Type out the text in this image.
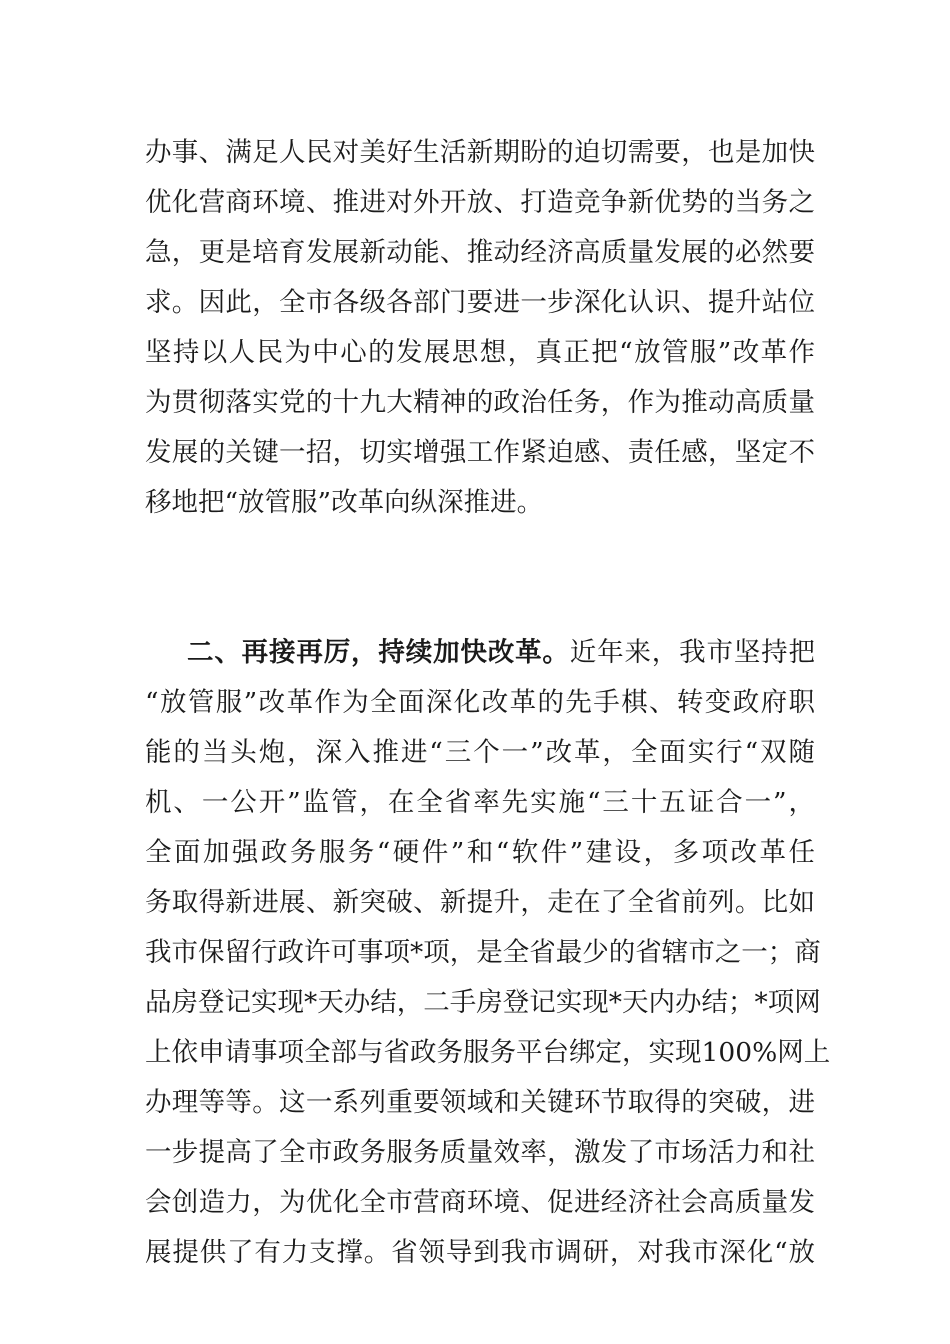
办事、满足人民对美好生活新期盼的迫切需要，也是加快
优化营商环境、推进对外开放、打造竞争新优势的当务之
急，更是培育发展新动能、推动经济高质量发展的必然要
求。因此，全市各级各部门要进一步深化认识、提升站位
坚持以人民为中心的发展思想，真正把“放管服”改革作
为贯彻落实党的十九大精神的政治任务，作为推动高质量
发展的关键一招，切实增强工作紧迫感、责任感，坚定不
移地把“放管服”改革向纵深推进。
二、再接再厉，持续加快改革。近年来，我市坚持把
“放管服”改革作为全面深化改革的先手棋、转变政府职
能的当头炮，深入推进“三个一”改革，全面实行“双随
机、一公开”监管，在全省率先实施“三十五证合一”，
全面加强政务服务“硬件”和“软件”建设，多项改革任
务取得新进展、新突破、新提升，走在了全省前列。比如
我市保留行政许可事项*项，是全省最少的省辖市之一；商
品房登记实现*天办结，二手房登记实现*天内办结；*项网
上依申请事项全部与省政务服务平台绑定，实现100%网上
办理等等。这一系列重要领域和关键环节取得的突破，进
一步提高了全市政务服务质量效率，激发了市场活力和社
会创造力，为优化全市营商环境、促进经济社会高质量发
展提供了有力支撑。省领导到我市调研，对我市深化“放
